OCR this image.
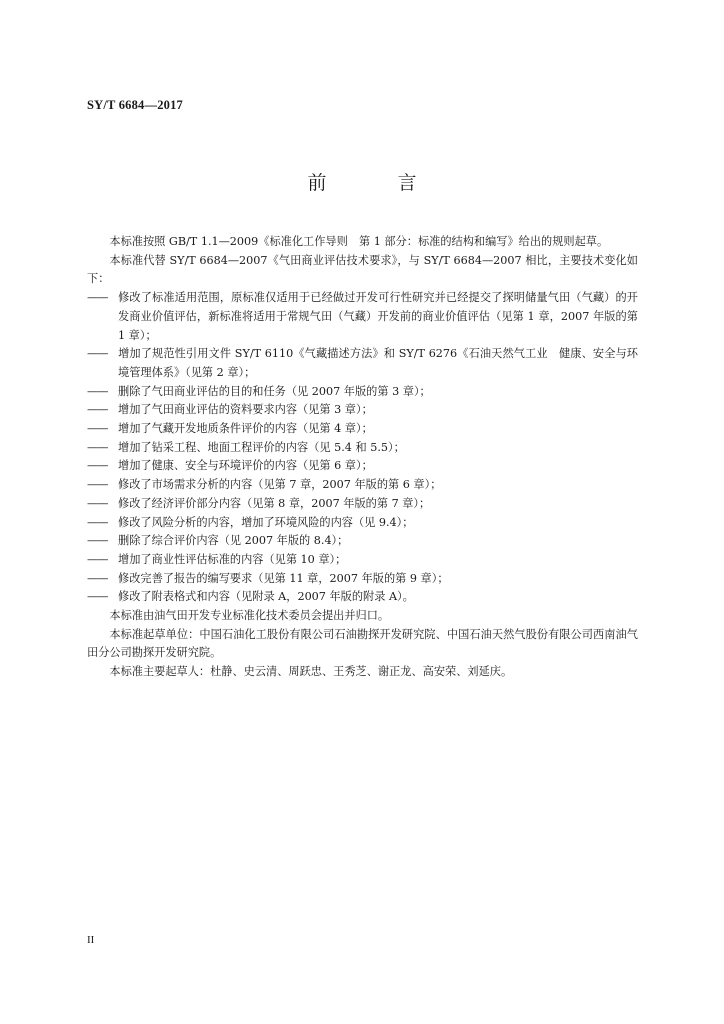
SY/T 6684—2017
前　言

本标准按照 GB/T 1.1—2009《标准化工作导则　第 1 部分：标准的结构和编写》给出的规则起草。

本标准代替 SY/T 6684—2007《气田商业评估技术要求》，与 SY/T 6684—2007 相比，主要技术变化如下：

—— 修改了标准适用范围，原标准仅适用于已经做过开发可行性研究并已经提交了探明储量气田（气藏）的开发商业价值评估，新标准将适用于常规气田（气藏）开发前的商业价值评估（见第 1 章，2007 年版的第 1 章）；

—— 增加了规范性引用文件 SY/T 6110《气藏描述方法》和 SY/T 6276《石油天然气工业　健康、安全与环境管理体系》（见第 2 章）；

—— 删除了气田商业评估的目的和任务（见 2007 年版的第 3 章）；

—— 增加了气田商业评估的资料要求内容（见第 3 章）；

—— 增加了气藏开发地质条件评价的内容（见第 4 章）；

—— 增加了钻采工程、地面工程评价的内容（见 5.4 和 5.5）；

—— 增加了健康、安全与环境评价的内容（见第 6 章）；

—— 修改了市场需求分析的内容（见第 7 章，2007 年版的第 6 章）；

—— 修改了经济评价部分内容（见第 8 章，2007 年版的第 7 章）；

—— 修改了风险分析的内容，增加了环境风险的内容（见 9.4）；

—— 删除了综合评价内容（见 2007 年版的 8.4）；

—— 增加了商业性评估标准的内容（见第 10 章）；

—— 修改完善了报告的编写要求（见第 11 章，2007 年版的第 9 章）；

—— 修改了附表格式和内容（见附录 A，2007 年版的附录 A）。

本标准由油气田开发专业标准化技术委员会提出并归口。

本标准起草单位：中国石油化工股份有限公司石油勘探开发研究院、中国石油天然气股份有限公司西南油气田分公司勘探开发研究院。

本标准主要起草人：杜静、史云清、周跃忠、王秀芝、谢正龙、高安荣、刘延庆。

II
